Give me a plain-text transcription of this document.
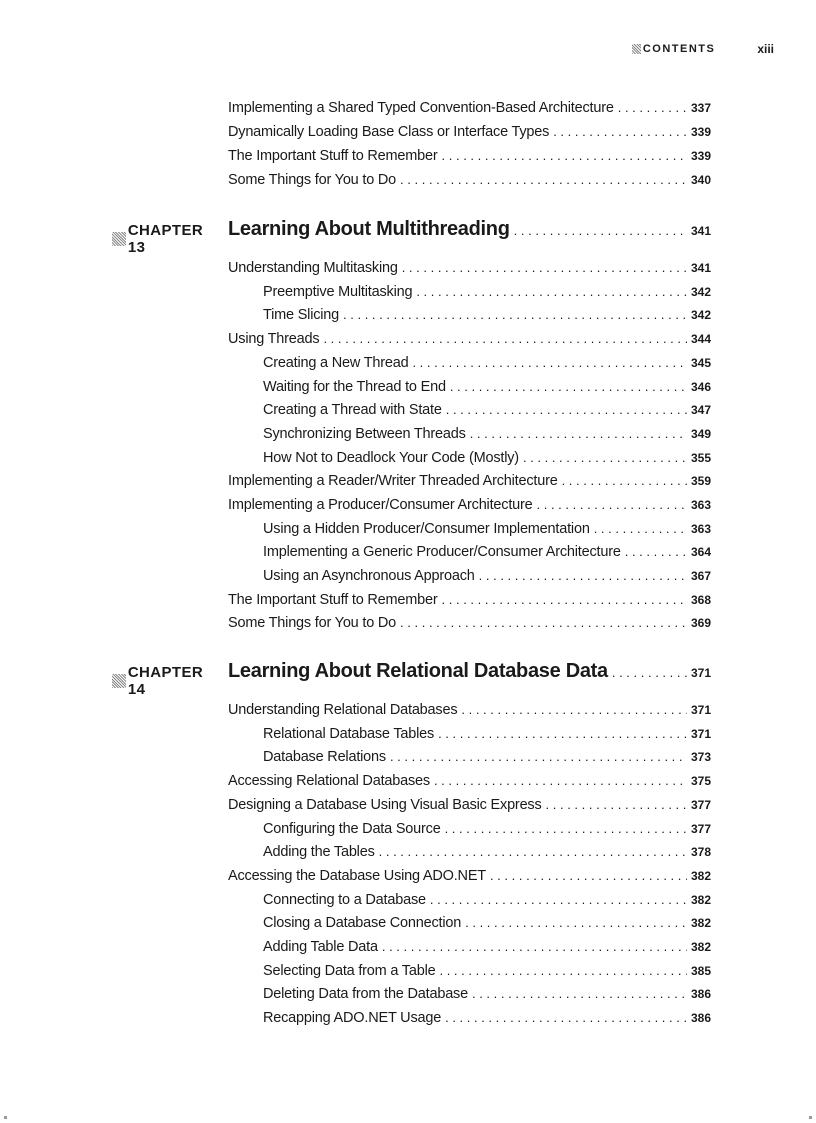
CONTENTS	xiii
Implementing a Shared Typed Convention-Based Architecture . . .	337
Dynamically Loading Base Class or Interface Types . . .	339
The Important Stuff to Remember . . .	339
Some Things for You to Do . . .	340
CHAPTER 13
Learning About Multithreading . . .	341
Understanding Multitasking . . .	341
Preemptive Multitasking . . .	342
Time Slicing . . .	342
Using Threads . . .	344
Creating a New Thread . . .	345
Waiting for the Thread to End . . .	346
Creating a Thread with State . . .	347
Synchronizing Between Threads . . .	349
How Not to Deadlock Your Code (Mostly) . . .	355
Implementing a Reader/Writer Threaded Architecture . . .	359
Implementing a Producer/Consumer Architecture . . .	363
Using a Hidden Producer/Consumer Implementation . . .	363
Implementing a Generic Producer/Consumer Architecture . . .	364
Using an Asynchronous Approach . . .	367
The Important Stuff to Remember . . .	368
Some Things for You to Do . . .	369
CHAPTER 14
Learning About Relational Database Data . . .	371
Understanding Relational Databases . . .	371
Relational Database Tables . . .	371
Database Relations . . .	373
Accessing Relational Databases . . .	375
Designing a Database Using Visual Basic Express . . .	377
Configuring the Data Source . . .	377
Adding the Tables . . .	378
Accessing the Database Using ADO.NET . . .	382
Connecting to a Database . . .	382
Closing a Database Connection . . .	382
Adding Table Data . . .	382
Selecting Data from a Table . . .	385
Deleting Data from the Database . . .	386
Recapping ADO.NET Usage . . .	386
